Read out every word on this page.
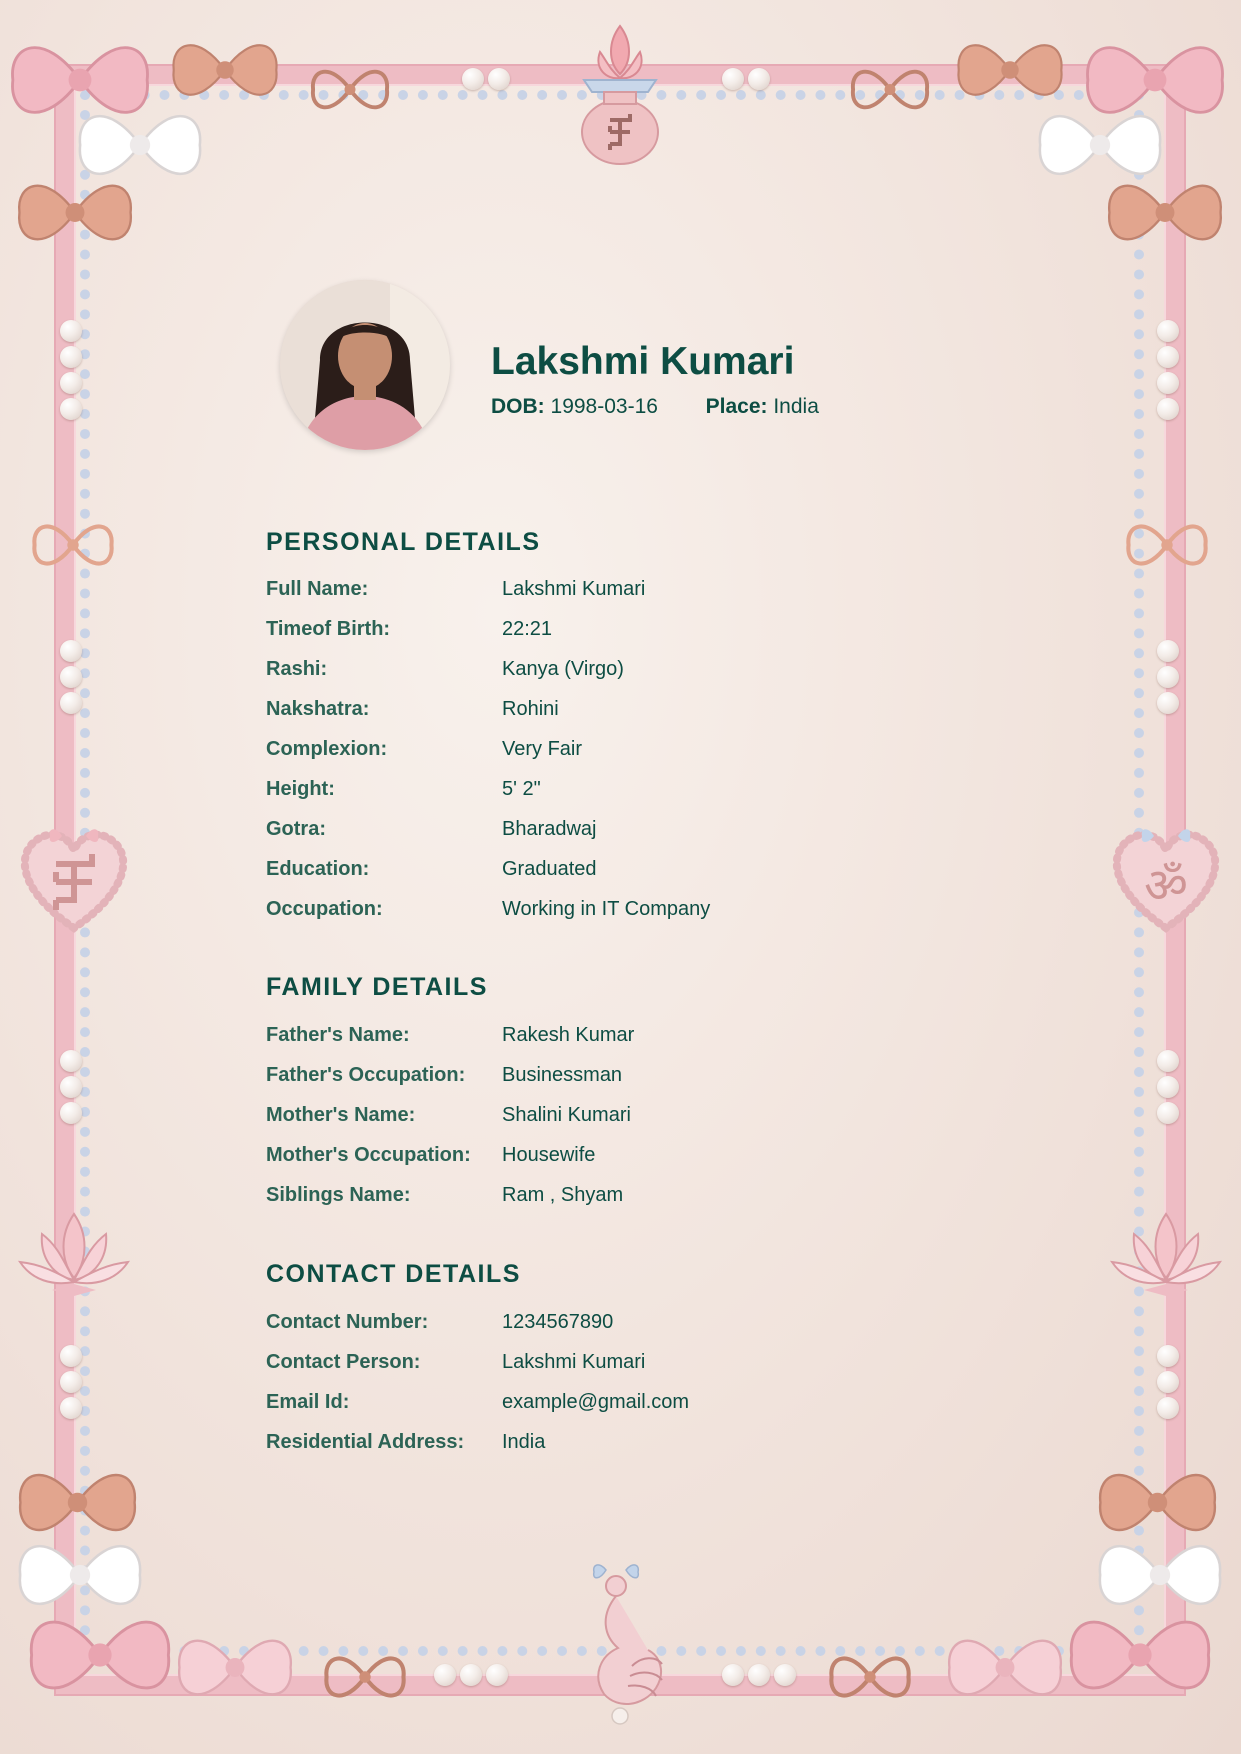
ॐ
Lakshmi Kumari
DOB: 1998-03-16 Place: India
PERSONAL DETAILS
Full Name:	Lakshmi Kumari
Timeof Birth:	22:21
Rashi:	Kanya (Virgo)
Nakshatra:	Rohini
Complexion:	Very Fair
Height:	5' 2"
Gotra:	Bharadwaj
Education:	Graduated
Occupation:	Working in IT Company
FAMILY DETAILS
Father's Name:	Rakesh Kumar
Father's Occupation:	Businessman
Mother's Name:	Shalini Kumari
Mother's Occupation:	Housewife
Siblings Name:	Ram , Shyam
CONTACT DETAILS
Contact Number:	1234567890
Contact Person:	Lakshmi Kumari
Email Id:	example@gmail.com
Residential Address:	India
